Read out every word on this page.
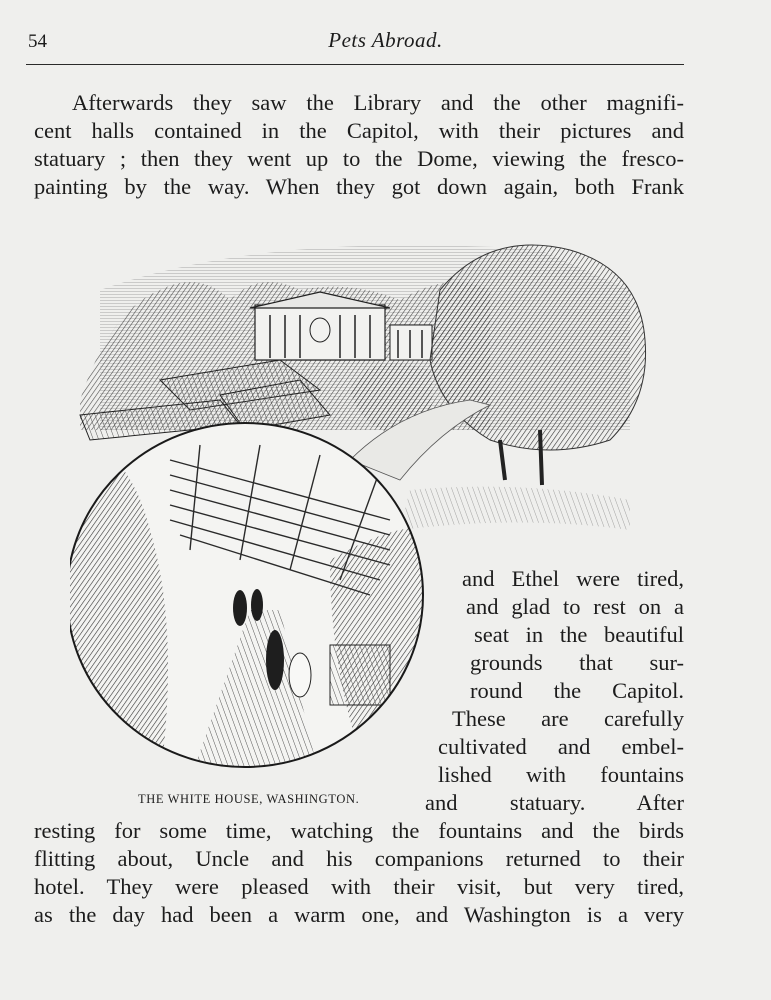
54	Pets Abroad.
Afterwards they saw the Library and the other magnifi-
cent halls contained in the Capitol, with their pictures and
statuary ; then they went up to the Dome, viewing the fresco-
painting by the way. When they got down again, both Frank
THE WHITE HOUSE, WASHINGTON.
and Ethel were tired,
and glad to rest on a
seat in the beautiful
grounds that sur-
round the Capitol.
These are carefully
cultivated and embel-
lished with fountains
and statuary. After
resting for some time, watching the fountains and the birds
flitting about, Uncle and his companions returned to their
hotel. They were pleased with their visit, but very tired,
as the day had been a warm one, and Washington is a very
